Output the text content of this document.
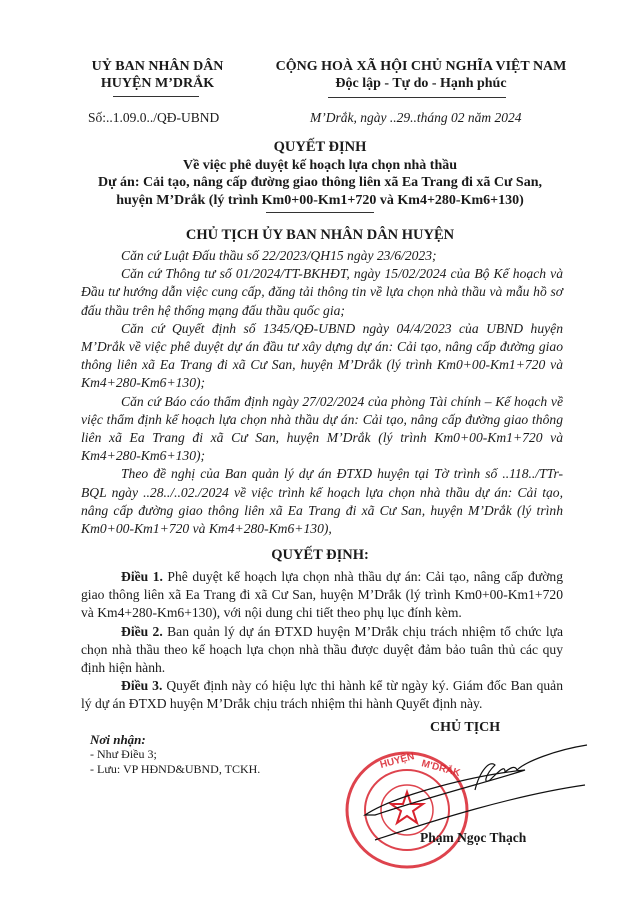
UỶ BAN NHÂN DÂN
HUYỆN M’DRẮK
CỘNG HOÀ XÃ HỘI CHỦ NGHĨA VIỆT NAM
Độc lập - Tự do - Hạnh phúc
Số:..1.09.0../QĐ-UBND	M’Drắk, ngày ..29..tháng 02 năm 2024
QUYẾT ĐỊNH
Về việc phê duyệt kế hoạch lựa chọn nhà thầu
Dự án: Cải tạo, nâng cấp đường giao thông liên xã Ea Trang đi xã Cư San,
huyện M’Drắk (lý trình Km0+00-Km1+720 và Km4+280-Km6+130)
CHỦ TỊCH ỦY BAN NHÂN DÂN HUYỆN

Căn cứ Luật Đấu thầu số 22/2023/QH15 ngày 23/6/2023;

Căn cứ Thông tư số 01/2024/TT-BKHĐT, ngày 15/02/2024 của Bộ Kế hoạch và Đầu tư hướng dẫn việc cung cấp, đăng tải thông tin về lựa chọn nhà thầu và mẫu hồ sơ đấu thầu trên hệ thống mạng đấu thầu quốc gia;

Căn cứ Quyết định số 1345/QĐ-UBND ngày 04/4/2023 của UBND huyện M’Drắk về việc phê duyệt dự án đầu tư xây dựng dự án: Cải tạo, nâng cấp đường giao thông liên xã Ea Trang đi xã Cư San, huyện M’Drắk (lý trình Km0+00-Km1+720 và Km4+280-Km6+130);

Căn cứ Báo cáo thẩm định ngày 27/02/2024 của phòng Tài chính – Kế hoạch về việc thẩm định kế hoạch lựa chọn nhà thầu dự án: Cải tạo, nâng cấp đường giao thông liên xã Ea Trang đi xã Cư San, huyện M’Drắk (lý trình Km0+00-Km1+720 và Km4+280-Km6+130);

Theo đề nghị của Ban quản lý dự án ĐTXD huyện tại Tờ trình số ..118../TTr-BQL ngày ..28../..02./2024 về việc trình kế hoạch lựa chọn nhà thầu dự án: Cải tạo, nâng cấp đường giao thông liên xã Ea Trang đi xã Cư San, huyện M’Drắk (lý trình Km0+00-Km1+720 và Km4+280-Km6+130),

QUYẾT ĐỊNH:

Điều 1. Phê duyệt kế hoạch lựa chọn nhà thầu dự án: Cải tạo, nâng cấp đường giao thông liên xã Ea Trang đi xã Cư San, huyện M’Drắk (lý trình Km0+00-Km1+720 và Km4+280-Km6+130), với nội dung chi tiết theo phụ lục đính kèm.

Điều 2. Ban quản lý dự án ĐTXD huyện M’Drắk chịu trách nhiệm tổ chức lựa chọn nhà thầu theo kế hoạch lựa chọn nhà thầu được duyệt đảm bảo tuân thủ các quy định hiện hành.

Điều 3. Quyết định này có hiệu lực thi hành kể từ ngày ký. Giám đốc Ban quản lý dự án ĐTXD huyện M’Drắk chịu trách nhiệm thi hành Quyết định này.

Nơi nhận:
- Như Điều 3;
- Lưu: VP HĐND&UBND, TCKH.
CHỦ TỊCH
HUYỆN M'DRẮK
Phạm Ngọc Thạch
